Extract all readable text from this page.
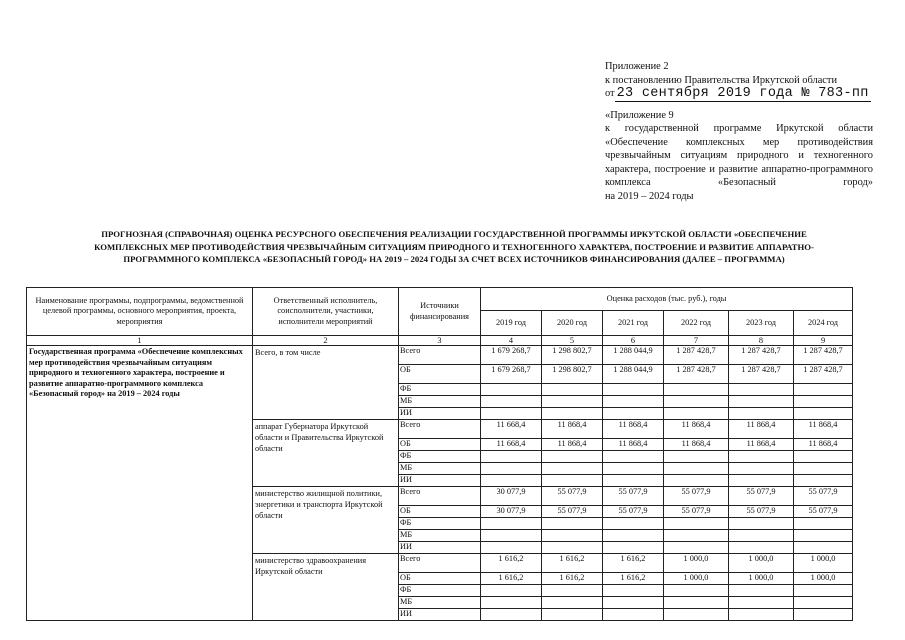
Приложение 2
к постановлению Правительства Иркутской области
от 23 сентября 2019 года № 783-пп
«Приложение 9
к государственной программе Иркутской области «Обеспечение комплексных мер противодействия чрезвычайным ситуациям природного и техногенного характера, построение и развитие аппаратно-программного комплекса «Безопасный город»
на 2019 – 2024 годы
ПРОГНОЗНАЯ (СПРАВОЧНАЯ) ОЦЕНКА РЕСУРСНОГО ОБЕСПЕЧЕНИЯ РЕАЛИЗАЦИИ ГОСУДАРСТВЕННОЙ ПРОГРАММЫ ИРКУТСКОЙ ОБЛАСТИ «ОБЕСПЕЧЕНИЕ
КОМПЛЕКСНЫХ МЕР ПРОТИВОДЕЙСТВИЯ ЧРЕЗВЫЧАЙНЫМ СИТУАЦИЯМ ПРИРОДНОГО И ТЕХНОГЕННОГО ХАРАКТЕРА, ПОСТРОЕНИЕ И РАЗВИТИЕ АППАРАТНО-
ПРОГРАММНОГО КОМПЛЕКСА «БЕЗОПАСНЫЙ ГОРОД» НА 2019 – 2024 ГОДЫ ЗА СЧЕТ ВСЕХ ИСТОЧНИКОВ ФИНАНСИРОВАНИЯ (ДАЛЕЕ – ПРОГРАММА)
Наименование программы, подпрограммы, ведомственной целевой программы, основного мероприятия, проекта, мероприятия	Ответственный исполнитель, соисполнители, участники, исполнители мероприятий	Источники финансирования	Оценка расходов (тыс. руб.), годы					
			2019 год	2020 год	2021 год	2022 год	2023 год	2024 год
1	2	3	4	5	6	7	8	9
Государственная программа «Обеспечение комплексных мер противодействия чрезвычайным ситуациям природного и техногенного характера, построение и развитие аппаратно-программного комплекса «Безопасный город» на 2019 – 2024 годы	Всего, в том числе	Всего	1 679 268,7	1 298 802,7	1 288 044,9	1 287 428,7	1 287 428,7	1 287 428,7
		ОБ	1 679 268,7	1 298 802,7	1 288 044,9	1 287 428,7	1 287 428,7	1 287 428,7
		ФБ						
		МБ						
		ИИ						
	аппарат Губернатора Иркутской области и Правительства Иркутской области	Всего	11 668,4	11 868,4	11 868,4	11 868,4	11 868,4	11 868,4
		ОБ	11 668,4	11 868,4	11 868,4	11 868,4	11 868,4	11 868,4
		ФБ						
		МБ						
		ИИ						
	министерство жилищной политики, энергетики и транспорта Иркутской области	Всего	30 077,9	55 077,9	55 077,9	55 077,9	55 077,9	55 077,9
		ОБ	30 077,9	55 077,9	55 077,9	55 077,9	55 077,9	55 077,9
		ФБ						
		МБ						
		ИИ						
	министерство здравоохранения Иркутской области	Всего	1 616,2	1 616,2	1 616,2	1 000,0	1 000,0	1 000,0
		ОБ	1 616,2	1 616,2	1 616,2	1 000,0	1 000,0	1 000,0
		ФБ						
		МБ						
		ИИ						
